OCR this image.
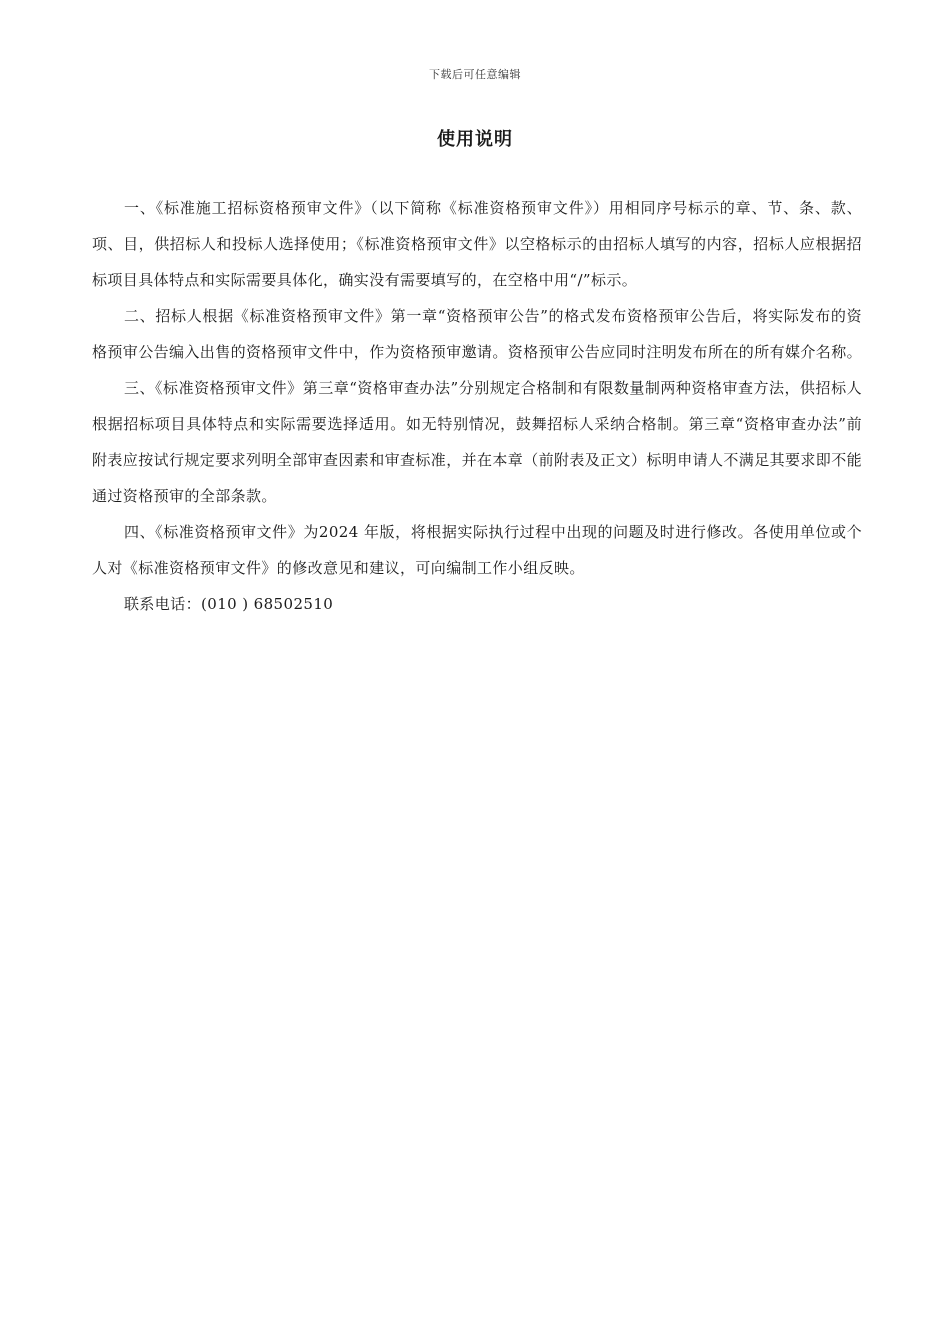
下载后可任意编辑
使用说明

一、《标准施工招标资格预审文件》（以下简称《标准资格预审文件》）用相同序号标示的章、节、条、款、项、目，供招标人和投标人选择使用；《标准资格预审文件》以空格标示的由招标人填写的内容，招标人应根据招标项目具体特点和实际需要具体化，确实没有需要填写的，在空格中用“/”标示。

二、招标人根据《标准资格预审文件》第一章“资格预审公告”的格式发布资格预审公告后，将实际发布的资格预审公告编入出售的资格预审文件中，作为资格预审邀请。资格预审公告应同时注明发布所在的所有媒介名称。

三、《标准资格预审文件》第三章“资格审查办法”分别规定合格制和有限数量制两种资格审查方法，供招标人根据招标项目具体特点和实际需要选择适用。如无特别情况，鼓舞招标人采纳合格制。第三章“资格审查办法”前附表应按试行规定要求列明全部审查因素和审查标准，并在本章（前附表及正文）标明申请人不满足其要求即不能通过资格预审的全部条款。

四、《标准资格预审文件》为2024 年版，将根据实际执行过程中出现的问题及时进行修改。各使用单位或个人对《标准资格预审文件》的修改意见和建议，可向编制工作小组反映。

联系电话：(010 ) 68502510
